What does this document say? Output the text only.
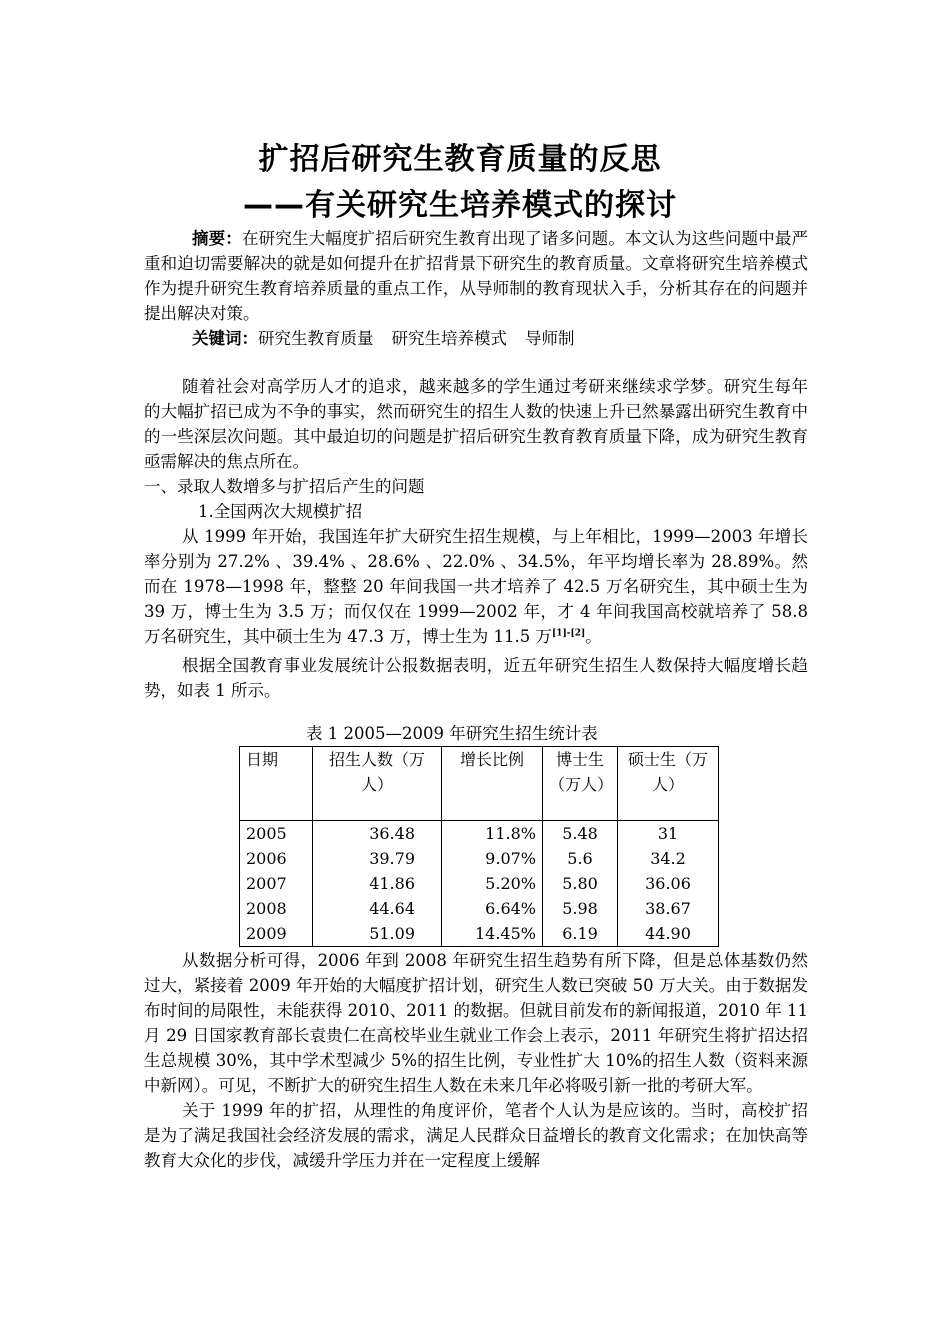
扩招后研究生教育质量的反思
——有关研究生培养模式的探讨

摘要：在研究生大幅度扩招后研究生教育出现了诸多问题。本文认为这些问题中最严重和迫切需要解决的就是如何提升在扩招背景下研究生的教育质量。文章将研究生培养模式作为提升研究生教育培养质量的重点工作，从导师制的教育现状入手，分析其存在的问题并提出解决对策。

关键词：研究生教育质量 研究生培养模式 导师制

随着社会对高学历人才的追求，越来越多的学生通过考研来继续求学梦。研究生每年的大幅扩招已成为不争的事实，然而研究生的招生人数的快速上升已然暴露出研究生教育中的一些深层次问题。其中最迫切的问题是扩招后研究生教育教育质量下降，成为研究生教育亟需解决的焦点所在。

一、录取人数增多与扩招后产生的问题

1.全国两次大规模扩招

从 1999 年开始，我国连年扩大研究生招生规模，与上年相比，1999—2003 年增长率分别为 27.2% 、39.4% 、28.6% 、22.0% 、34.5%，年平均增长率为 28.89%。然而在 1978—1998 年，整整 20 年间我国一共才培养了 42.5 万名研究生，其中硕士生为 39 万，博士生为 3.5 万；而仅仅在 1999—2002 年，才 4 年间我国高校就培养了 58.8 万名研究生，其中硕士生为 47.3 万，博士生为 11.5 万[1]-[2]。

根据全国教育事业发展统计公报数据表明，近五年研究生招生人数保持大幅度增长趋势，如表 1 所示。

表 1 2005—2009 年研究生招生统计表
日期	招生人数（万人）	增长比例	博士生（万人）	硕士生（万人）
2005	36.48	11.8%	5.48	31
2006	39.79	9.07%	5.6	34.2
2007	41.86	5.20%	5.80	36.06
2008	44.64	6.64%	5.98	38.67
2009	51.09	14.45%	6.19	44.90

从数据分析可得，2006 年到 2008 年研究生招生趋势有所下降，但是总体基数仍然过大，紧接着 2009 年开始的大幅度扩招计划，研究生人数已突破 50 万大关。由于数据发布时间的局限性，未能获得 2010、2011 的数据。但就目前发布的新闻报道，2010 年 11 月 29 日国家教育部长袁贵仁在高校毕业生就业工作会上表示，2011 年研究生将扩招达招生总规模 30%，其中学术型减少 5%的招生比例，专业性扩大 10%的招生人数（资料来源中新网）。可见，不断扩大的研究生招生人数在未来几年必将吸引新一批的考研大军。

关于 1999 年的扩招，从理性的角度评价，笔者个人认为是应该的。当时，高校扩招是为了满足我国社会经济发展的需求，满足人民群众日益增长的教育文化需求；在加快高等教育大众化的步伐，减缓升学压力并在一定程度上缓解
